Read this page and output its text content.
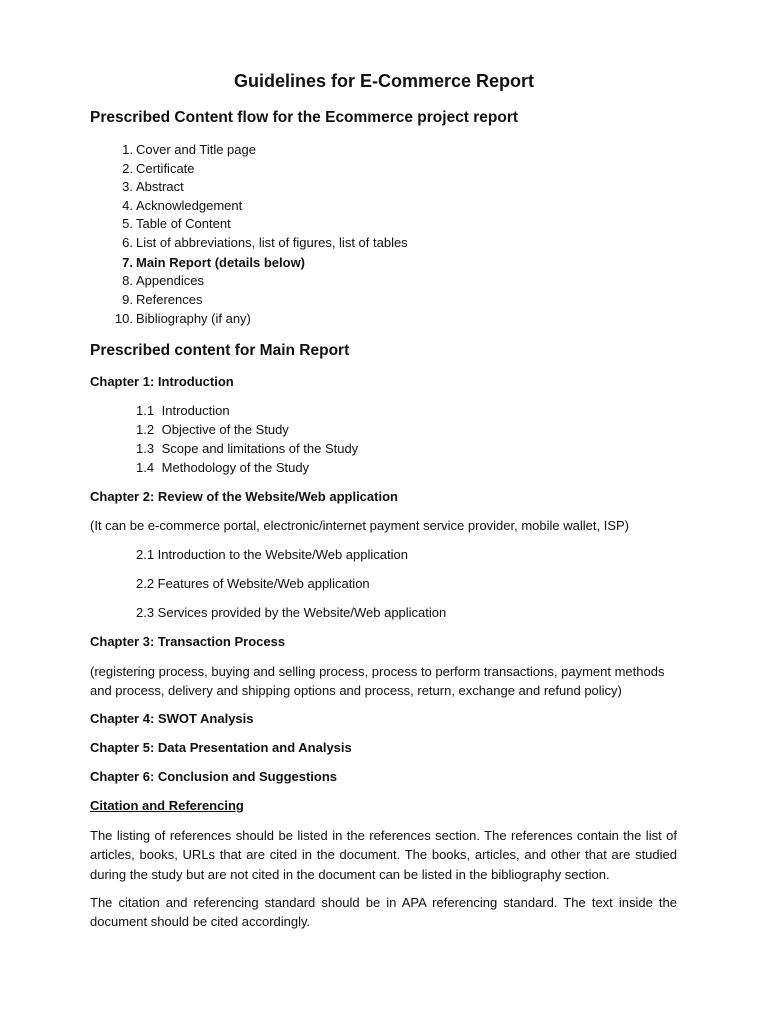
Guidelines for E-Commerce Report
Prescribed Content flow for the Ecommerce project report
1. Cover and Title page
2. Certificate
3. Abstract
4. Acknowledgement
5. Table of Content
6. List of abbreviations, list of figures, list of tables
7. Main Report (details below)
8. Appendices
9. References
10. Bibliography (if any)
Prescribed content for Main Report
Chapter 1: Introduction
1.1 Introduction
1.2 Objective of the Study
1.3 Scope and limitations of the Study
1.4 Methodology of the Study
Chapter 2: Review of the Website/Web application
(It can be e-commerce portal, electronic/internet payment service provider, mobile wallet, ISP)
2.1 Introduction to the Website/Web application
2.2 Features of Website/Web application
2.3 Services provided by the Website/Web application
Chapter 3: Transaction Process
(registering process, buying and selling process, process to perform transactions, payment methods and process, delivery and shipping options and process, return, exchange and refund policy)
Chapter 4: SWOT Analysis
Chapter 5: Data Presentation and Analysis
Chapter 6: Conclusion and Suggestions
Citation and Referencing
The listing of references should be listed in the references section. The references contain the list of articles, books, URLs that are cited in the document. The books, articles, and other that are studied during the study but are not cited in the document can be listed in the bibliography section.
The citation and referencing standard should be in APA referencing standard. The text inside the document should be cited accordingly.
